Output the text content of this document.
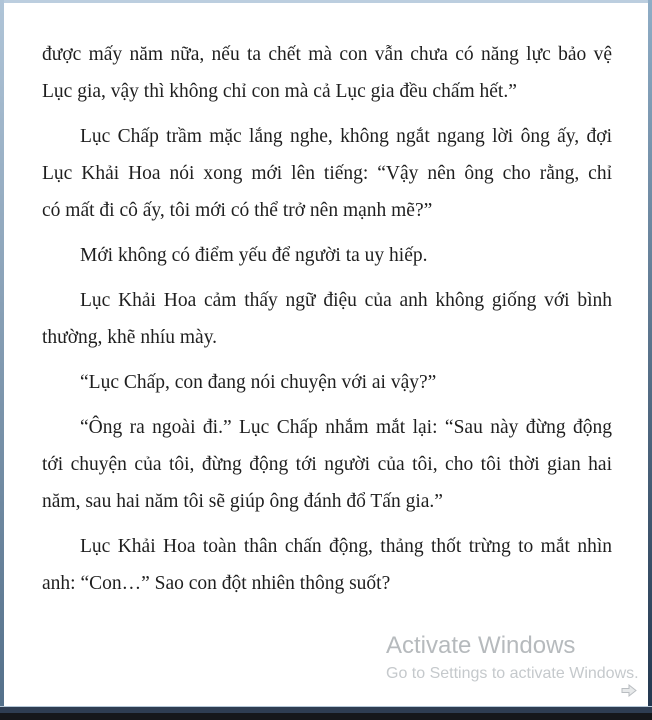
được mấy năm nữa, nếu ta chết mà con vẫn chưa có năng lực bảo vệ
Lục gia, vậy thì không chỉ con mà cả Lục gia đều chấm hết.”

Lục Chấp trầm mặc lắng nghe, không ngắt ngang lời ông ấy, đợi
Lục Khải Hoa nói xong mới lên tiếng: “Vậy nên ông cho rằng, chỉ
có mất đi cô ấy, tôi mới có thể trở nên mạnh mẽ?”

Mới không có điểm yếu để người ta uy hiếp.

Lục Khải Hoa cảm thấy ngữ điệu của anh không giống với bình
thường, khẽ nhíu mày.

“Lục Chấp, con đang nói chuyện với ai vậy?”

“Ông ra ngoài đi.” Lục Chấp nhắm mắt lại: “Sau này đừng động
tới chuyện của tôi, đừng động tới người của tôi, cho tôi thời gian hai
năm, sau hai năm tôi sẽ giúp ông đánh đổ Tấn gia.”

Lục Khải Hoa toàn thân chấn động, thảng thốt trừng to mắt nhìn
anh: “Con…” Sao con đột nhiên thông suốt?

Activate Windows
Go to Settings to activate Windows.
